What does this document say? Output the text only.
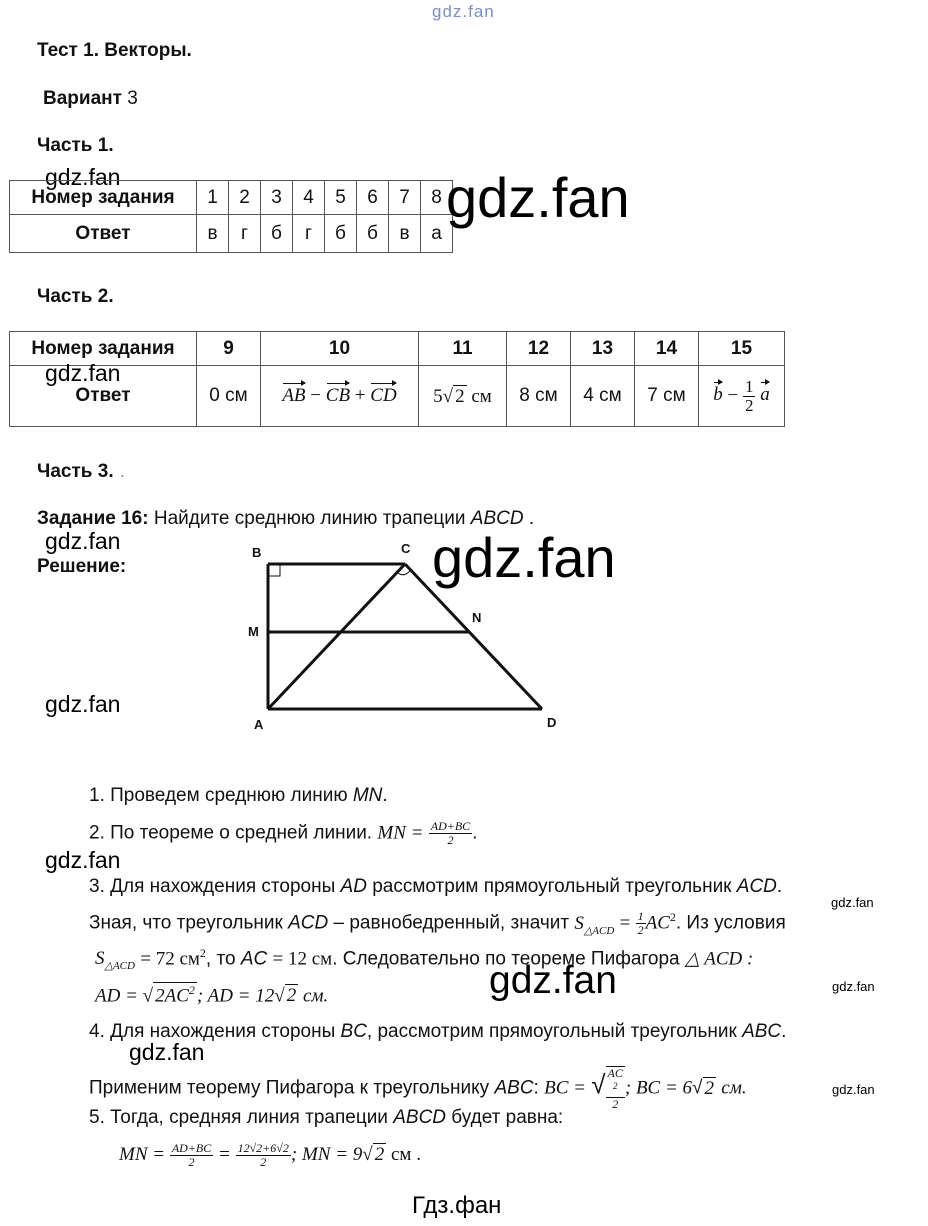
gdz.fan
Тест 1. Векторы.
Вариант 3
Часть 1.
gdz.fan
Номер задания	1	2	3	4	5	6	7	8
Ответ	в	г	б	г	б	б	в	а
gdz.fan
Часть 2.
Номер задания	9	10	11	12	13	14	15
Ответ	0 см	AB − CB + CD	5√ 2 см	8 см	4 см	7 см	$b - \frac{1}{2}$ a
gdz.fan
Часть 3. .
Задание 16: Найдите среднюю линию трапеции ABCD .
gdz.fan
Решение:	gdz.fan
B	C
M
N
A	D
gdz.fan
1. Проведем среднюю линию MN.
2. По теореме о средней линии. MN = $\frac{AD+BC}{2}$ .
gdz.fan
3. Для нахождения стороны AD рассмотрим прямоугольный треугольник ACD.
gdz.fan
Зная, что треугольник ACD – равнобедренный, значит $S_{\triangle ACD} = \frac{1}{2} AC^2$. Из условия
$S_{\triangle ACD} = 72$ $см^2$, то AC = 12 см. Следовательно по теореме Пифагора △ ACD :
AD = √ $2AC^2$ ; AD = 12√ 2 см.	gdz.fan	gdz.fan
4. Для нахождения стороны BC, рассмотрим прямоугольный треугольник ABC.
gdz.fan
Применим теорему Пифагора к треугольнику ABC: BC = √ AC
$^2$
2 ; BC = 6√ 2 см.	gdz.fan
5. Тогда, средняя линия трапеции ABCD будет равна:
MN = $\frac{AD+BC}{2} = \frac{12√2+6√2}{2}$ ; MN = 9√ 2 см .
Гдз.фан
